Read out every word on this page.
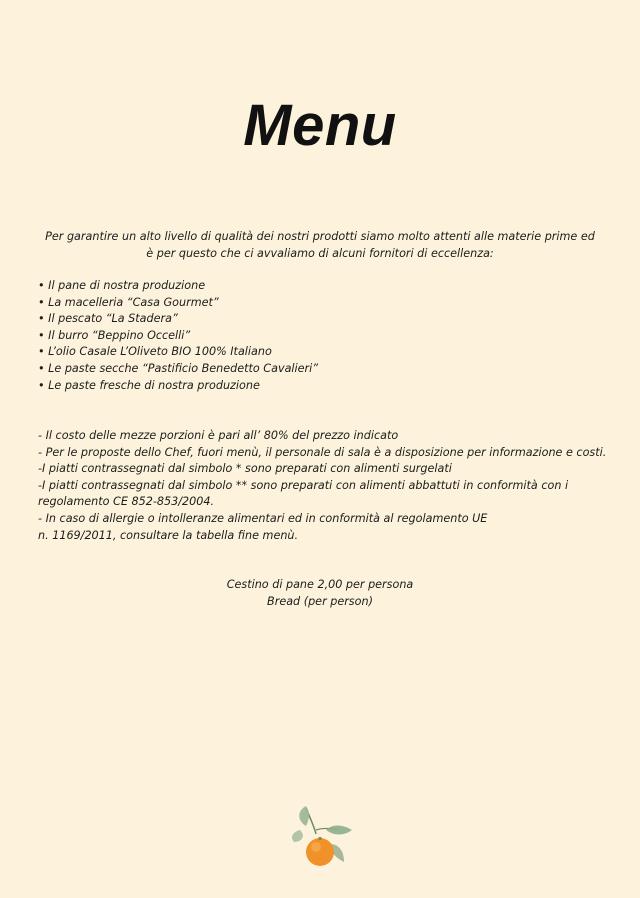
Menu
Per garantire un alto livello di qualità dei nostri prodotti siamo molto attenti alle materie prime ed è per questo che ci avvaliamo di alcuni fornitori di eccellenza:
• Il pane di nostra produzione
• La macelleria “Casa Gourmet”
• Il pescato “La Stadera”
• Il burro “Beppino Occelli”
• L’olio Casale L’Oliveto BIO 100% Italiano
• Le paste secche “Pastificio Benedetto Cavalieri”
• Le paste fresche di nostra produzione
- Il costo delle mezze porzioni è pari all’ 80% del prezzo indicato
- Per le proposte dello Chef, fuori menù, il personale di sala è a disposizione per informazione e costi.
-I piatti contrassegnati dal simbolo * sono preparati con alimenti surgelati
-I piatti contrassegnati dal simbolo ** sono preparati con alimenti abbattuti in conformità con i regolamento CE 852-853/2004.
- In caso di allergie o intolleranze alimentari ed in conformità al regolamento UE
n. 1169/2011, consultare la tabella fine menù.
Cestino di pane 2,00 per persona
Bread (per person)
